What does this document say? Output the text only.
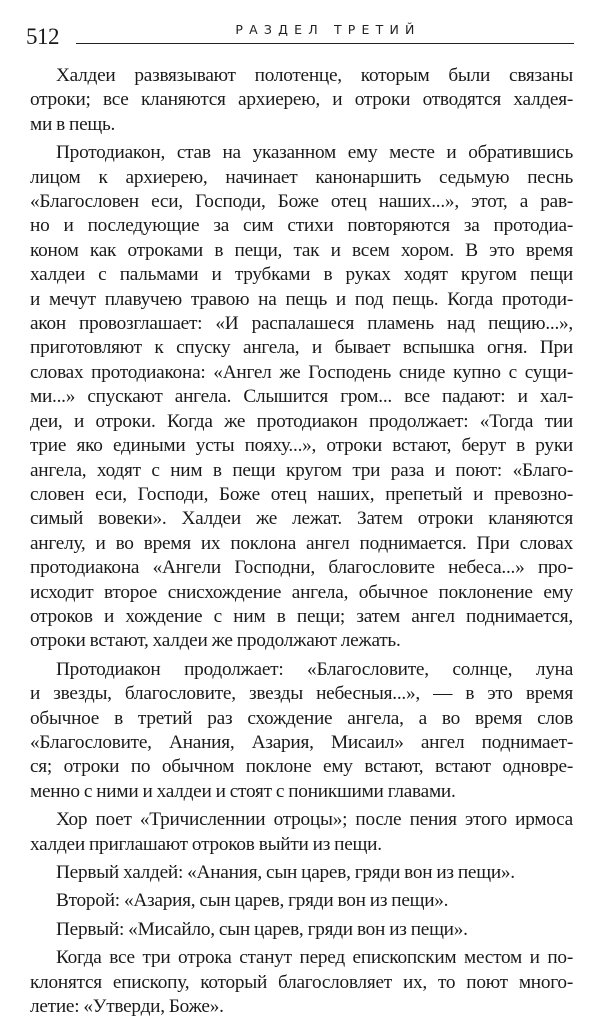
512	РАЗДЕЛ ТРЕТИЙ

Халдеи развязывают полотенце, которым были связаны
отроки; все кланяются архиерею, и отроки отводятся халдея-
ми в пещь.

Протодиакон, став на указанном ему месте и обратившись
лицом к архиерею, начинает канонаршить седьмую песнь
«Благословен еси, Господи, Боже отец наших...», этот, а рав-
но и последующие за сим стихи повторяются за протодиа-
коном как отроками в пещи, так и всем хором. В это время
халдеи с пальмами и трубками в руках ходят кругом пещи
и мечут плавучею травою на пещь и под пещь. Когда протоди-
акон провозглашает: «И распалашеся пламень над пещию...»,
приготовляют к спуску ангела, и бывает вспышка огня. При
словах протодиакона: «Ангел же Господень сниде купно с сущи-
ми...» спускают ангела. Слышится гром... все падают: и хал-
деи, и отроки. Когда же протодиакон продолжает: «Тогда тии
трие яко едиными усты пояху...», отроки встают, берут в руки
ангела, ходят с ним в пещи кругом три раза и поют: «Благо-
словен еси, Господи, Боже отец наших, препетый и превозно-
симый вовеки». Халдеи же лежат. Затем отроки кланяются
ангелу, и во время их поклона ангел поднимается. При словах
протодиакона «Ангели Господни, благословите небеса...» про-
исходит второе снисхождение ангела, обычное поклонение ему
отроков и хождение с ним в пещи; затем ангел поднимается,
отроки встают, халдеи же продолжают лежать.

Протодиакон продолжает: «Благословите, солнце, луна
и звезды, благословите, звезды небесныя...», — в это время
обычное в третий раз схождение ангела, а во время слов
«Благословите, Анания, Азария, Мисаил» ангел поднимает-
ся; отроки по обычном поклоне ему встают, встают одновре-
менно с ними и халдеи и стоят с поникшими главами.

Хор поет «Тричисленнии отроцы»; после пения этого ирмоса
халдеи приглашают отроков выйти из пещи.

Первый халдей: «Анания, сын царев, гряди вон из пещи».

Второй: «Азария, сын царев, гряди вон из пещи».

Первый: «Мисайло, сын царев, гряди вон из пещи».

Когда все три отрока станут перед епископским местом и по-
клонятся епископу, который благословляет их, то поют много-
летие: «Утверди, Боже».
